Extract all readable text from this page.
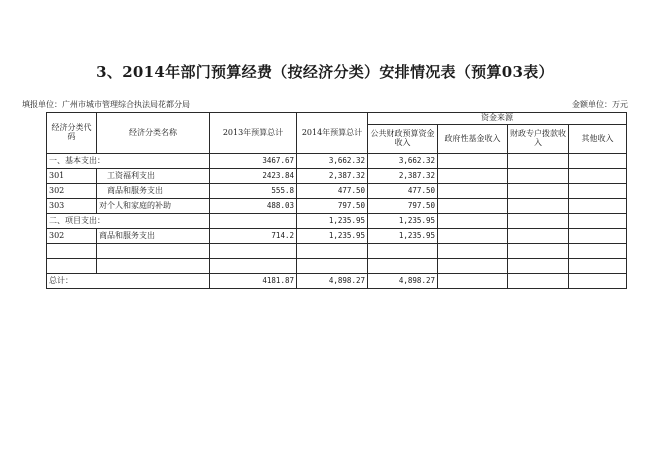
3、2014年部门预算经费（按经济分类）安排情况表（预算03表）
填报单位：广州市城市管理综合执法局花都分局	金额单位：万元
经济分类代码	经济分类名称	2013年预算总计	2014年预算总计	资金来源			
				公共财政预算资金收入	政府性基金收入	财政专户拨款收入	其他收入
一、基本支出：		3467.67	3,662.32	3,662.32			
301	工资福利支出	2423.84	2,387.32	2,387.32			
302	商品和服务支出	555.8	477.50	477.50			
303	对个人和家庭的补助	488.03	797.50	797.50			
二、项目支出：			1,235.95	1,235.95			
302	商品和服务支出	714.2	1,235.95	1,235.95			

总计：		4181.87	4,898.27	4,898.27			
